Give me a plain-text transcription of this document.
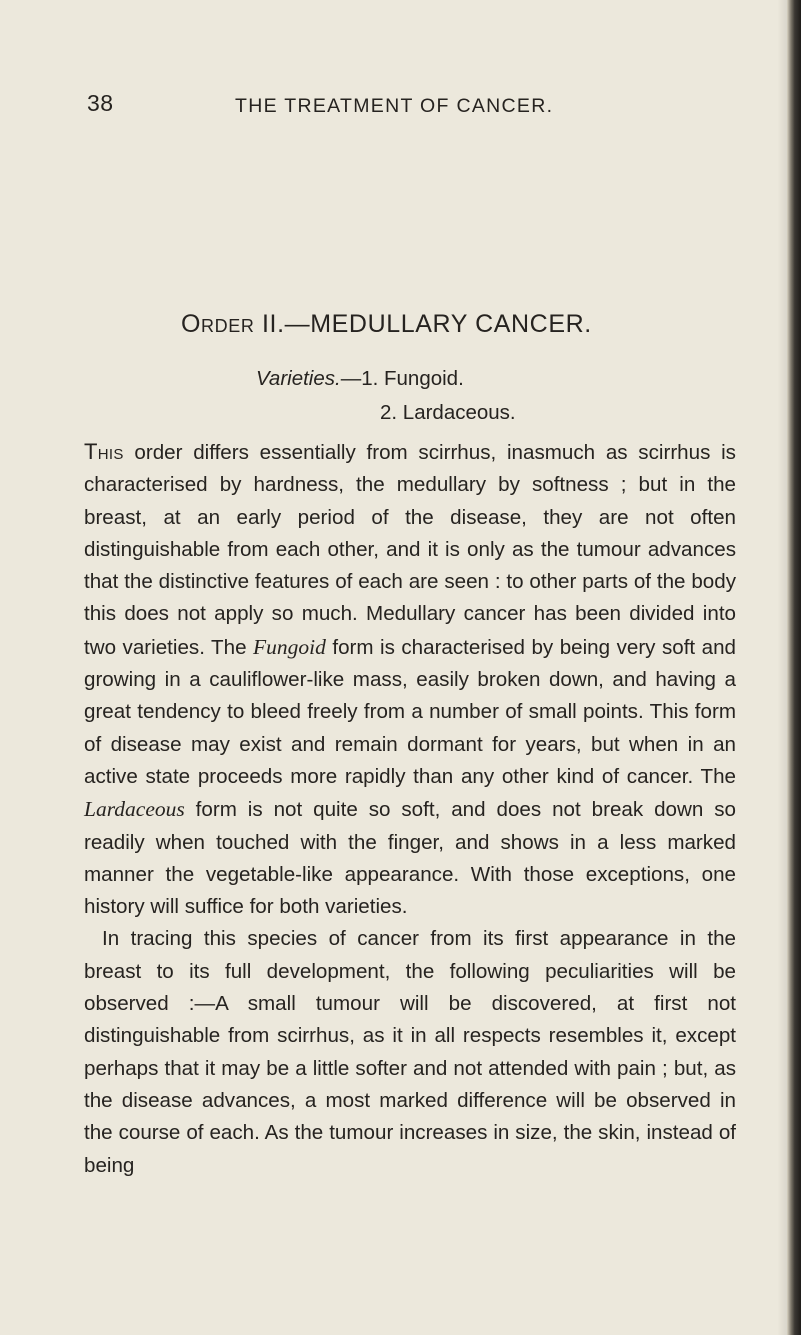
38	THE TREATMENT OF CANCER.
Order II.—MEDULLARY CANCER.
Varieties.—1. Fungoid.
2. Lardaceous.

This order differs essentially from scirrhus, inasmuch as scirrhus is characterised by hardness, the medullary by softness ; but in the breast, at an early period of the disease, they are not often distinguishable from each other, and it is only as the tumour advances that the distinctive features of each are seen : to other parts of the body this does not apply so much. Medullary cancer has been divided into two varieties. The Fungoid form is characterised by being very soft and growing in a cauliflower-like mass, easily broken down, and having a great tendency to bleed freely from a number of small points. This form of disease may exist and remain dormant for years, but when in an active state proceeds more rapidly than any other kind of cancer. The Lardaceous form is not quite so soft, and does not break down so readily when touched with the finger, and shows in a less marked manner the vegetable-like appearance. With those exceptions, one history will suffice for both varieties.

In tracing this species of cancer from its first appearance in the breast to its full development, the following peculiarities will be observed :—A small tumour will be discovered, at first not distinguishable from scirrhus, as it in all respects resembles it, except perhaps that it may be a little softer and not attended with pain ; but, as the disease advances, a most marked difference will be observed in the course of each. As the tumour increases in size, the skin, instead of being
